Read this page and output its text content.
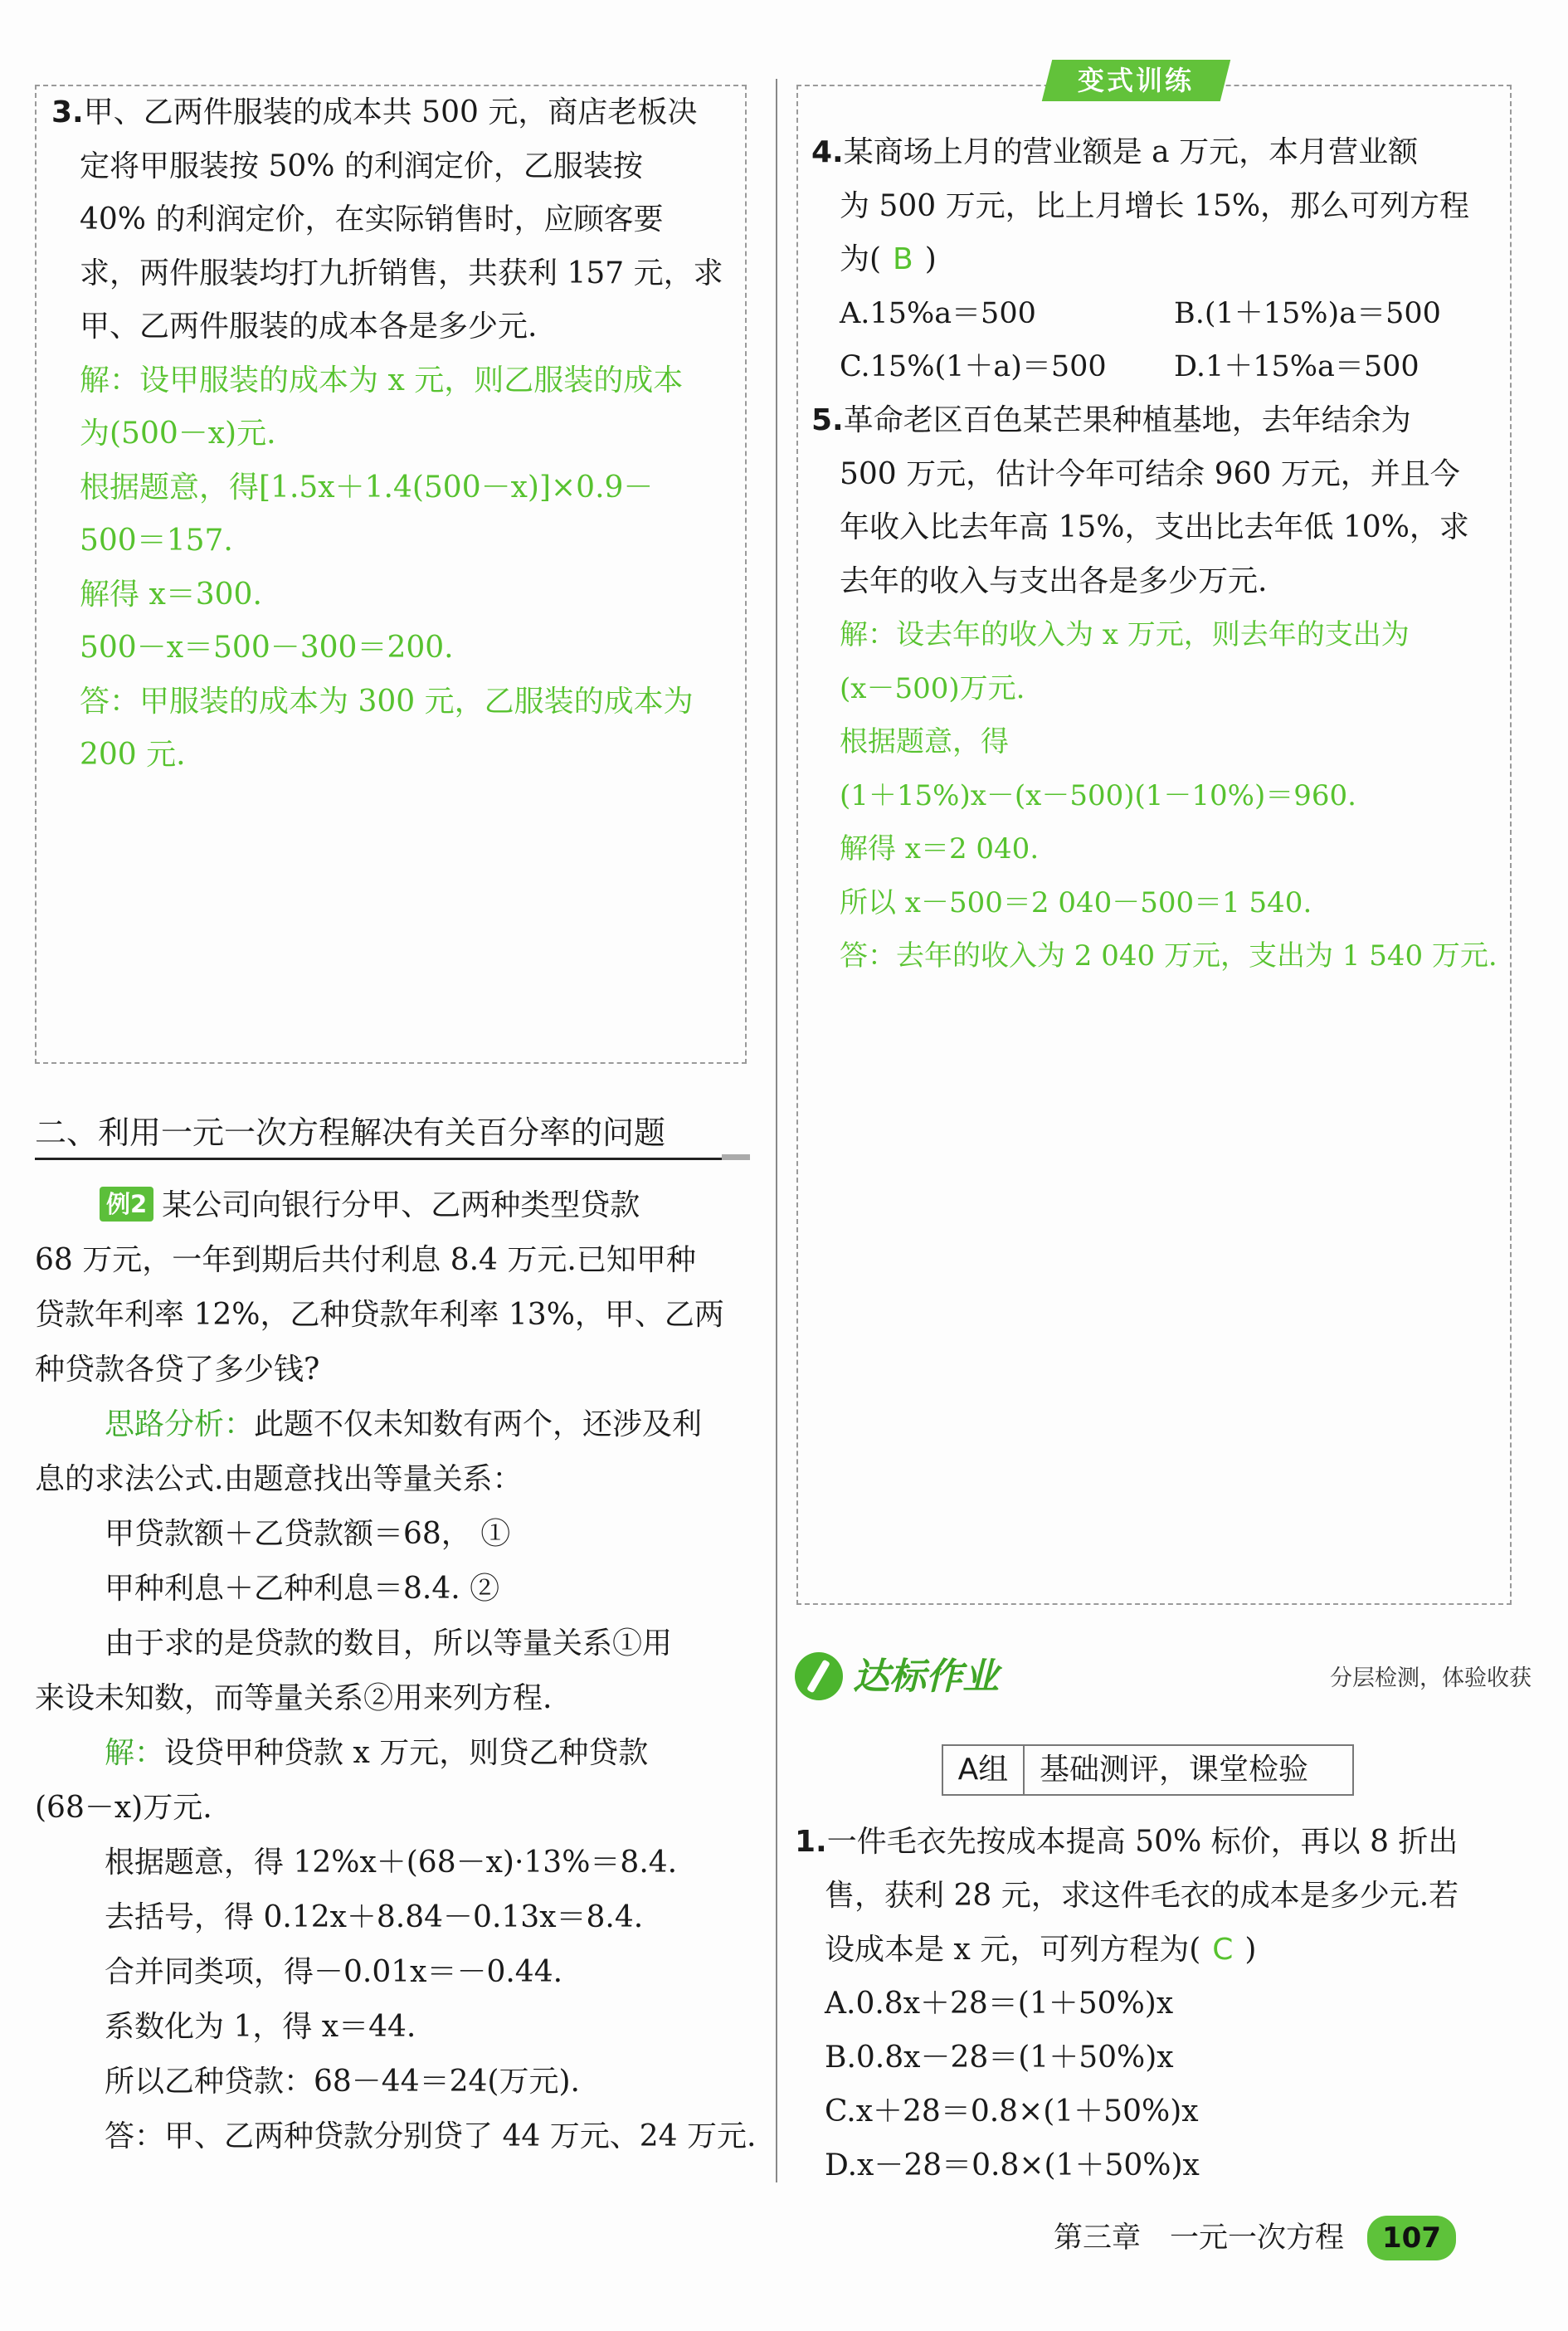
3.甲、乙两件服装的成本共 500 元，商店老板决
定将甲服装按 50% 的利润定价，乙服装按
40% 的利润定价，在实际销售时，应顾客要
求，两件服装均打九折销售，共获利 157 元，求
甲、乙两件服装的成本各是多少元.
解：设甲服装的成本为 x 元，则乙服装的成本
为(500－x)元.
根据题意，得[1.5x＋1.4(500－x)]×0.9－
500＝157.
解得 x＝300.
500－x＝500－300＝200.
答：甲服装的成本为 300 元，乙服装的成本为
200 元.
变式训练
4.某商场上月的营业额是 a 万元，本月营业额
为 500 万元，比上月增长 15%，那么可列方程
为( B )
A.15%a＝500	B.(1＋15%)a＝500
C.15%(1＋a)＝500	D.1＋15%a＝500
5.革命老区百色某芒果种植基地，去年结余为
500 万元，估计今年可结余 960 万元，并且今
年收入比去年高 15%，支出比去年低 10%，求
去年的收入与支出各是多少万元.
解：设去年的收入为 x 万元，则去年的支出为
(x－500)万元.
根据题意，得
(1＋15%)x－(x－500)(1－10%)＝960.
解得 x＝2 040.
所以 x－500＝2 040－500＝1 540.
答：去年的收入为 2 040 万元，支出为 1 540 万元.
二、利用一元一次方程解决有关百分率的问题
例2 某公司向银行分甲、乙两种类型贷款
68 万元，一年到期后共付利息 8.4 万元.已知甲种
贷款年利率 12%，乙种贷款年利率 13%，甲、乙两
种贷款各贷了多少钱?
思路分析：此题不仅未知数有两个，还涉及利
息的求法公式.由题意找出等量关系：
甲贷款额＋乙贷款额＝68， ①
甲种利息＋乙种利息＝8.4. ②
由于求的是贷款的数目，所以等量关系①用
来设未知数，而等量关系②用来列方程.
解：设贷甲种贷款 x 万元，则贷乙种贷款
(68－x)万元.
根据题意，得 12%x＋(68－x)·13%＝8.4.
去括号，得 0.12x＋8.84－0.13x＝8.4.
合并同类项，得－0.01x＝－0.44.
系数化为 1，得 x＝44.
所以乙种贷款：68－44＝24(万元).
答：甲、乙两种贷款分别贷了 44 万元、24 万元.
达标作业	分层检测，体验收获
A组	基础测评，课堂检验
1.一件毛衣先按成本提高 50% 标价，再以 8 折出
售，获利 28 元，求这件毛衣的成本是多少元.若
设成本是 x 元，可列方程为( C )
A.0.8x＋28＝(1＋50%)x
B.0.8x－28＝(1＋50%)x
C.x＋28＝0.8×(1＋50%)x
D.x－28＝0.8×(1＋50%)x
第三章　一元一次方程 107
